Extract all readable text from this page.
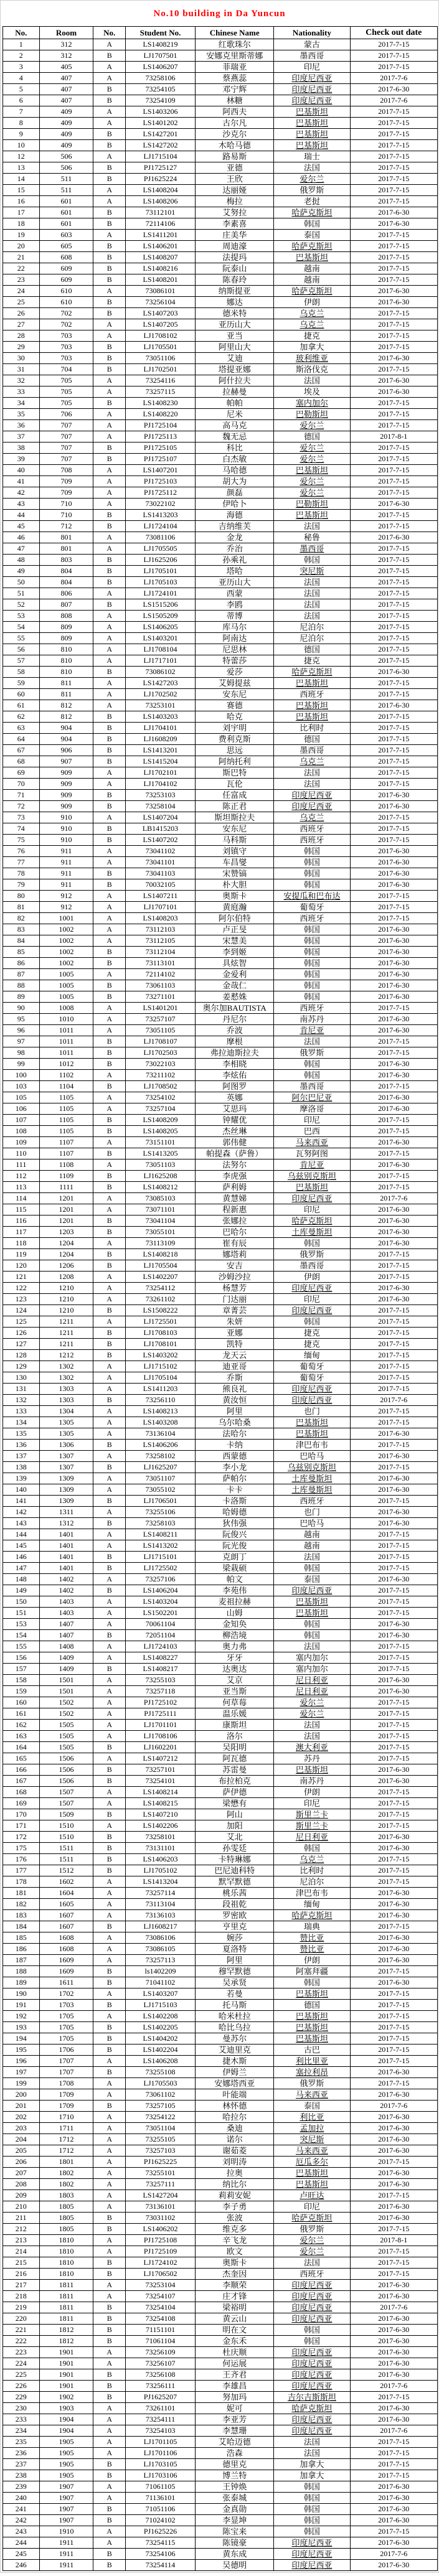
No.10 building in Da Yuncun
No.	Room	No.	Student No.	Chinese Name	Nationality	Check out date
1	312	A	LS1408219	红歌珠尔	蒙古	2017-7-15
2	312	B	LJ1707501	安娜克里斯蒂娜	墨西哥	2017-7-15
3	405	A	LS1406207	菲瑞亚	印尼	2017-7-15
4	407	A	73258106	蔡燕蕊	印度尼西亚	2017-7-6
5	407	B	73254105	邓宁辉	印度尼西亚	2017-6-30
6	407	B	73254109	林糖	印度尼西亚	2017-7-6
7	409	A	LS1403206	阿西夫	巴基斯坦	2017-7-15
8	409	A	LS1401202	古尔凡	巴基斯坦	2017-7-15
9	409	B	LS1427201	沙克尔	巴基斯坦	2017-7-15
10	409	B	LS1427202	木哈马德	巴基斯坦	2017-7-15
12	506	A	LJ1715104	路易斯	瑞士	2017-7-15
13	506	B	PJ1725127	亚德	法国	2017-7-15
14	511	B	PJ1625224	王欣	爱尔兰	2017-7-15
15	511	A	LS1408204	达丽娅	俄罗斯	2017-7-15
16	601	A	LS1408206	梅拉	老挝	2017-7-15
17	601	B	73112101	艾努拉	哈萨克斯坦	2017-6-30
18	601	B	72114106	李素喜	韩国	2017-6-30
19	603	A	LS1411201	庄美华	泰国	2017-7-15
20	605	B	LS1406201	周迪濠	哈萨克斯坦	2017-7-15
21	608	B	LS1408207	法提玛	巴基斯坦	2017-7-15
22	609	B	LS1408216	阮泰山	越南	2017-7-15
23	609	B	LS1408201	陈春玲	越南	2017-7-15
24	610	A	73086101	纳斯提亚	哈萨克斯坦	2017-6-30
25	610	B	73256104	娜达	伊朗	2017-6-30
26	702	B	LS1407203	德米特	乌克兰	2017-7-15
27	702	A	LS1407205	亚历山大	乌克兰	2017-7-15
28	703	A	LJ1708102	亚当	捷克	2017-7-15
29	703	B	LJ1705501	阿里山大	加拿大	2017-7-15
30	703	B	73051106	艾迪	玻利维亚	2017-6-30
31	704	B	LJ1702501	塔提亚娜	斯洛伐克	2017-7-15
32	705	A	73254116	阿什拉夫	法国	2017-6-30
33	705	A	73257115	拉赫曼	埃及	2017-6-30
34	705	B	LS1408230	帕帕	塞内加尔	2017-7-15
35	706	A	LS1408220	尼米	巴勒斯坦	2017-7-15
36	707	A	PJ1725104	高马克	爱尔兰	2017-7-15
37	707	A	PJ1725113	魏无忌	德国	2017-8-1
38	707	B	PJ1725105	科比	爱尔兰	2017-7-15
39	707	B	PJ1725107	白杰敏	爱尔兰	2017-7-15
40	708	A	LS1407201	马哈德	巴基斯坦	2017-7-15
41	709	A	PJ1725103	胡大为	爱尔兰	2017-7-15
42	709	A	PJ1725112	颜磊	爱尔兰	2017-7-15
43	710	A	73022102	伊哈卜	巴勒斯坦	2017-6-30
44	710	B	LS1413203	海德	巴基斯坦	2017-7-15
45	712	B	LJ1724104	吉纳维芙	法国	2017-7-15
46	801	A	73081106	金龙	秘鲁	2017-6-30
47	801	A	LJ1705505	乔治	墨西哥	2017-7-15
48	803	B	LJ1625206	孙乘礼	韩国	2017-7-15
49	804	B	LJ1705101	塔哈	突尼斯	2017-7-15
50	804	B	LJ1705103	亚历山大	法国	2017-7-15
51	806	A	LJ1724101	西蒙	法国	2017-7-15
52	807	B	LS1515206	李鸥	法国	2017-7-15
53	808	A	LS1505209	蒂博	法国	2017-7-15
54	809	A	LS1406205	库马尔	尼泊尔	2017-7-15
55	809	A	LS1403201	阿南达	尼泊尔	2017-7-15
56	810	A	LJ1708104	尼思林	德国	2017-7-15
57	810	A	LJ1717101	特蕾莎	捷克	2017-7-15
58	810	B	73086102	爱莎	哈萨克斯坦	2017-6-30
59	811	A	LS1427203	艾姆提兹	巴基斯坦	2017-7-15
60	811	A	LJ1702502	安东尼	西班牙	2017-7-15
61	812	A	73253101	赛德	巴基斯坦	2017-6-30
62	812	B	LS1403203	哈克	巴基斯坦	2017-7-15
63	904	B	LJ1704101	刘宇明	比利时	2017-7-15
64	904	B	LJ1608209	费利克斯	德国	2017-7-15
67	906	B	LS1413201	思远	墨西哥	2017-7-15
68	907	B	LS1415204	阿纳托利	乌克兰	2017-7-15
69	909	A	LJ1702101	斯巴特	法国	2017-7-15
70	909	A	LJ1704102	瓦伦	法国	2017-7-15
71	909	B	73253103	任富成	印度尼西亚	2017-6-30
72	909	B	73258104	陈正君	印度尼西亚	2017-6-30
73	910	A	LS1407204	斯坦斯拉夫	乌克兰	2017-7-15
74	910	B	LB1415203	安东尼	西班牙	2017-7-15
75	910	B	LS1407202	马科斯	西班牙	2017-7-15
76	911	A	73041102	刘镇守	韩国	2017-6-30
77	911	A	73041101	车昌燮	韩国	2017-6-30
78	911	B	73041103	宋赞镐	韩国	2017-6-30
79	911	B	70032105	朴大胆	韩国	2017-6-30
80	912	A	LS1407211	奥斯卡	安提瓜和巴布达	2017-7-15
81	912	A	LJ1707101	黄庭瀚	葡萄牙	2017-7-15
82	1001	A	LS1408203	阿尔伯特	西班牙	2017-7-15
83	1002	A	73112103	卢正旻	韩国	2017-6-30
84	1002	A	73112105	宋慧美	韩国	2017-6-30
85	1002	B	73112104	李到姬	韩国	2017-6-30
86	1002	B	73113101	具炫智	韩国	2017-6-30
87	1005	A	72114102	金爱利	韩国	2017-6-30
88	1005	B	73061103	金哉仁	韩国	2017-6-30
89	1005	B	73271101	姜慭姝	韩国	2017-6-30
90	1008	A	LS1401201	奥尔加BAUTISTA	西班牙	2017-7-15
95	1010	A	73257107	丹尼尔	南苏丹	2017-6-30
96	1011	A	73051105	乔波	肯尼亚	2017-6-30
97	1011	B	LJ1708107	摩根	法国	2017-7-15
98	1011	B	LJ1702503	弗拉迪斯拉夫	俄罗斯	2017-7-15
99	1012	B	73022103	李相晓	韩国	2017-6-30
100	1102	A	73211102	李炫佑	韩国	2017-6-30
103	1104	B	LJ1708502	阿图罗	墨西哥	2017-7-15
105	1105	A	73254102	英娜	阿尔巴尼亚	2017-6-30
106	1105	A	73257104	艾思玛	摩洛哥	2017-6-30
107	1105	B	LS1408209	钟耀优	印尼	2017-7-15
108	1105	B	LS1408205	杰丝琳	巴西	2017-7-15
109	1107	A	73151101	郭伟健	马来西亚	2017-6-30
110	1107	B	LS1413205	帕提森（萨鲁）	瓦努阿图	2017-7-15
111	1108	A	73051103	法努尔	肯尼亚	2017-6-30
112	1109	B	LJ1625208	李虎强	乌兹别克斯坦	2017-7-15
113	1111	B	LS1408212	萨利姆	巴基斯坦	2017-7-15
114	1201	A	73085103	黄慧娣	印度尼西亚	2017-7-6
115	1201	A	73071101	程新惠	印尼	2017-6-30
116	1201	B	73041104	张娜拉	哈萨克斯坦	2017-6-30
117	1203	B	73055101	巴哈尔	土库曼斯坦	2017-6-30
118	1204	A	73113109	崔有辰	韩国	2017-6-30
119	1204	B	LS1408218	娜塔莉	俄罗斯	2017-7-15
120	1206	B	LJ1705504	安吉	墨西哥	2017-7-15
121	1208	A	LS1402207	沙姆沙拉	伊朗	2017-7-15
122	1210	A	73254112	杨慧芳	印度尼西亚	2017-6-30
123	1210	A	73261102	门达丽	印尼	2017-6-30
124	1210	B	LS1508222	章菁芸	印度尼西亚	2017-7-15
125	1211	A	LJ1725501	朱妍	韩国	2017-7-15
126	1211	B	LJ1708103	亚娜	捷克	2017-7-15
127	1211	B	LJ1708101	凯特	捷克	2017-7-15
128	1212	B	LS1403202	龙天云	缅甸	2017-7-15
129	1302	A	LJ1715102	迪亚哥	葡萄牙	2017-7-15
130	1302	A	LJ1705104	乔斯	葡萄牙	2017-7-15
131	1303	A	LS1411203	熊良礼	印度尼西亚	2017-7-15
132	1303	B	73256110	黄汝恒	印度尼西亚	2017-7-6
133	1304	A	LS1408213	阿里	也门	2017-7-15
134	1305	A	LS1403208	乌尔哈桑	巴基斯坦	2017-7-15
135	1305	A	73136104	法哈尔	巴基斯坦	2017-6-30
136	1306	B	LS1406206	卡纳	津巴布韦	2017-7-15
137	1307	A	73258102	西蒙德	巴哈马	2017-6-30
138	1307	B	LJ1625207	李小龙	乌兹别克斯坦	2017-7-15
139	1309	A	73051107	萨帕尔	土库曼斯坦	2017-6-30
140	1309	A	73055102	卡卡	土库曼斯坦	2017-6-30
141	1309	B	LJ1706501	卡洛斯	西班牙	2017-7-15
142	1311	A	73255106	哈姆德	也门	2017-6-30
143	1312	B	73258103	狄伟强	巴哈马	2017-6-30
144	1401	A	LS1408211	阮俊兴	越南	2017-7-15
145	1401	A	LS1413202	阮光俊	越南	2017-7-15
146	1401	B	LJ1715101	克朗丁	法国	2017-7-15
147	1401	B	LJ1725502	梁栽硕	韩国	2017-7-15
148	1402	A	73257106	帕文	泰国	2017-6-30
149	1402	B	LS1406204	李苑伟	印度尼西亚	2017-7-15
150	1403	A	LS1403204	麦祖拉赫	巴基斯坦	2017-7-15
151	1403	A	LS1502201	山姆	巴基斯坦	2017-7-15
153	1407	A	70061104	金知奂	韩国	2017-6-30
154	1407	B	72051104	柳浩境	韩国	2017-6-30
155	1408	A	LJ1724103	奥力弗	法国	2017-7-15
156	1409	A	LS1408227	牙牙	塞内加尔	2017-7-15
157	1409	B	LS1408217	达奥达	塞内加尔	2017-7-15
158	1501	A	73255103	艾京	尼日利亚	2017-6-30
159	1501	A	73257118	亚当斯	尼日利亚	2017-6-30
160	1502	A	PJ1725102	何草莓	爱尔兰	2017-7-15
161	1502	A	PJ1725111	温乐媛	爱尔兰	2017-7-15
162	1505	A	LJ1701101	康斯坦	法国	2017-7-15
163	1505	A	LJ1708106	洛尔	法国	2017-7-15
164	1505	B	LJ1602201	吴阳明	澳大利亚	2017-7-15
165	1506	A	LS1407212	阿瓦德	苏丹	2017-7-15
166	1506	B	73257101	苏雷曼	巴基斯坦	2017-6-30
167	1506	B	73254101	布拉柏克	南苏丹	2017-6-30
168	1507	A	LS1408214	萨伊德	伊朗	2017-7-15
169	1507	A	LS1408215	梁懋有	印尼	2017-7-15
170	1509	B	LS1407210	阿山	斯里兰卡	2017-7-15
171	1510	A	LS1402206	加阳	斯里兰卡	2017-7-15
172	1510	B	73258101	艾北	尼日利亚	2017-6-30
175	1511	B	73131101	孙雯廷	韩国	2017-6-30
176	1511	B	LS1406203	卡特琳娜	乌克兰	2017-7-15
177	1512	B	LJ1705102	巴尼迪科特	比利时	2017-7-15
178	1602	A	LS1413204	默罕默德	尼泊尔	2017-7-15
181	1604	A	73257114	桃乐茜	津巴布韦	2017-6-30
182	1605	A	73113104	段祖乾	缅甸	2017-6-30
183	1607	A	73136103	罗密欧	哈萨克斯坦	2017-6-30
184	1607	B	LJ1608217	亨里克	瑞典	2017-7-15
185	1608	A	73086106	婉莎	赞比亚	2017-6-30
186	1608	A	73086105	夏洛特	赞比亚	2017-6-30
187	1609	A	73257113	阿里	伊朗	2017-6-30
188	1609	B	ls1402209	穆罕默德	阿塞拜疆	2017-7-15
189	1611	B	71041102	吴承贤	韩国	2017-6-30
190	1702	A	LS1403207	若曼	巴基斯坦	2017-7-15
191	1703	B	LJ1715103	托马斯	德国	2017-7-15
192	1705	A	LS1402208	哈米杜拉	巴基斯坦	2017-7-15
193	1705	B	LS1402205	哈比乌拉	巴基斯坦	2017-7-15
194	1705	B	LS1404202	曼苏尔	巴基斯坦	2017-7-15
195	1706	B	LS1402204	艾迪里克	古巴	2017-7-15
196	1707	A	LS1406208	捷木斯	利比里亚	2017-7-15
197	1707	B	73255108	伊姆兰	塞拉利昂	2017-6-30
199	1708	A	LJ1705503	安娜塔西亚	俄罗斯	2017-7-15
200	1709	A	73061102	叶能端	马来西亚	2017-6-30
201	1709	B	73257105	林怀德	泰国	2017-7-6
202	1710	A	73254122	哈拉尔	利比亚	2017-6-30
203	1711	A	73051104	桑迪	孟加拉	2017-6-30
204	1712	A	73255105	诺尔	突尼斯	2017-6-30
205	1712	A	73257103	谢茹菱	马来西亚	2017-6-30
206	1801	A	PJ1625225	刘明涛	厄瓜多尔	2017-7-15
207	1802	A	73255101	拉奥	巴基斯坦	2017-6-30
208	1802	A	73257111	纳比尔	巴基斯坦	2017-6-30
209	1803	A	LS1427204	莉莉安妮	卢旺达	2017-7-15
210	1805	A	73136101	李子勇	印尼	2017-6-30
211	1805	B	73031102	张波	哈萨克斯坦	2017-6-30
212	1805	B	LS1406202	维克多	俄罗斯	2017-7-15
213	1810	A	PJ1725108	辛飞龙	爱尔兰	2017-8-1
214	1810	A	PJ1725109	欧文	爱尔兰	2017-7-15
215	1810	B	LJ1724102	奥斯卡	法国	2017-7-15
216	1810	B	LJ1706502	杰奎因	西班牙	2017-7-15
217	1811	A	73253104	李顺荣	印度尼西亚	2017-6-30
218	1811	A	73254107	庄才锋	印度尼西亚	2017-6-30
219	1811	B	73254104	梁裕明	印度尼西亚	2017-7-6
220	1811	B	73254108	黄云山	印度尼西亚	2017-6-30
221	1812	B	71151101	明在文	韩国	2017-6-30
222	1812	B	71061104	金东禾	韩国	2017-6-30
223	1901	A	73256109	杜庆顺	印度尼西亚	2017-6-30
224	1901	A	73256107	何运展	印度尼西亚	2017-6-30
225	1901	B	73256108	王齐君	印度尼西亚	2017-6-30
226	1901	B	73256111	李雄昌	印度尼西亚	2017-7-6
229	1902	B	PJ1625207	努加玛	吉尔吉斯斯坦	2017-7-15
230	1903	A	73261101	妮可	哈萨克斯坦	2017-6-30
233	1904	A	73254111	李亚芳	印度尼西亚	2017-6-30
234	1904	A	73254103	李慧珊	印度尼西亚	2017-7-6
235	1905	A	LJ1701105	艾哈迈德	法国	2017-7-15
236	1905	A	LJ1701106	浩森	法国	2017-7-15
237	1905	B	LJ1703105	德里克	加拿大	2017-7-15
238	1905	B	LJ1703106	博兰特	加拿大	2017-7-15
239	1907	A	71061105	王钟焕	韩国	2017-6-30
240	1907	A	71136101	张泰城	韩国	2017-6-30
241	1907	B	71051106	金真勋	韩国	2017-6-30
242	1907	B	71024102	李显坤	韩国	2017-6-30
243	1910	A	PJ1625226	陈宝来	韩国	2017-7-15
244	1911	A	73254115	陈镜豪	印度尼西亚	2017-6-30
245	1911	B	73254106	黄东成	印度尼西亚	2017-7-6
246	1911	B	73254114	吴德明	印度尼西亚	2017-6-30
